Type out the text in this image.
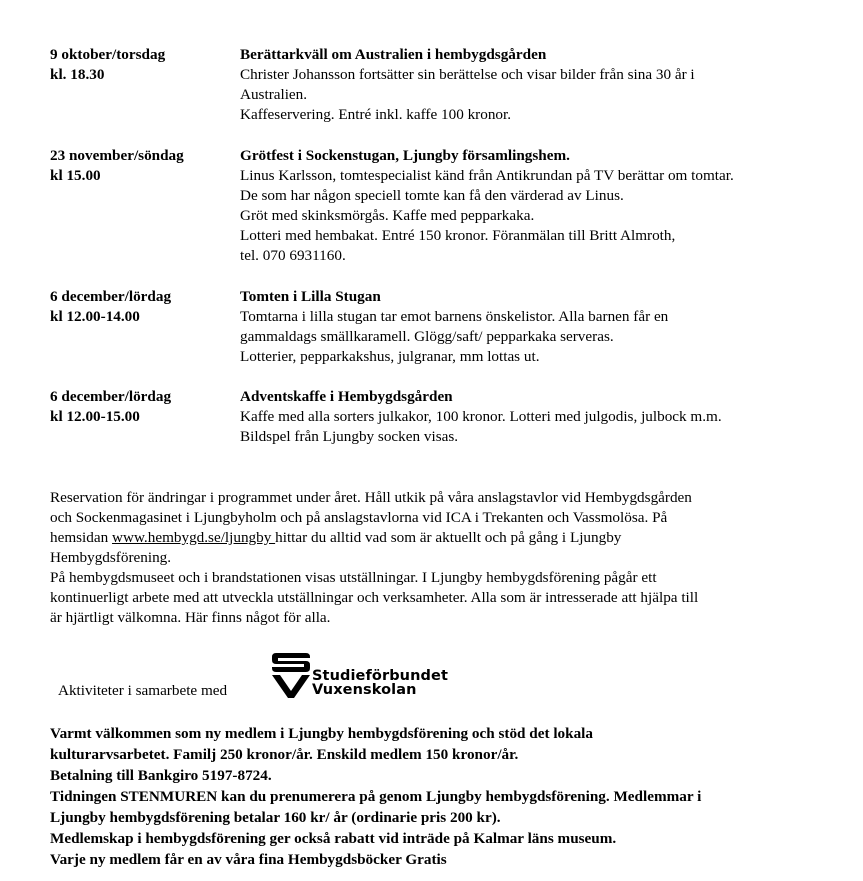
9 oktober/torsdag
kl. 18.30
Berättarkväll om Australien i hembygdsgården
Christer Johansson fortsätter sin berättelse och visar bilder från sina 30 år i
Australien.
Kaffeservering. Entré inkl. kaffe 100 kronor.
23 november/söndag
kl 15.00
Grötfest i Sockenstugan, Ljungby församlingshem.
Linus Karlsson, tomtespecialist känd från Antikrundan på TV berättar om tomtar.
De som har någon speciell tomte kan få den värderad av Linus.
Gröt med skinksmörgås. Kaffe med pepparkaka.
Lotteri med hembakat. Entré 150 kronor. Föranmälan till Britt Almroth,
tel. 070 6931160.
6 december/lördag
kl 12.00-14.00
Tomten i Lilla Stugan
Tomtarna i lilla stugan tar emot barnens önskelistor. Alla barnen får en
gammaldags smällkaramell. Glögg/saft/ pepparkaka serveras.
Lotterier, pepparkakshus, julgranar, mm lottas ut.
6 december/lördag
kl 12.00-15.00
Adventskaffe i Hembygdsgården
Kaffe med alla sorters julkakor, 100 kronor. Lotteri med julgodis, julbock m.m.
Bildspel från Ljungby socken visas.
Reservation för ändringar i programmet under året. Håll utkik på våra anslagstavlor vid Hembygdsgården
och Sockenmagasinet i Ljungbyholm och på anslagstavlorna vid ICA i Trekanten och Vassmolösa. På
hemsidan www.hembygd.se/ljungby hittar du alltid vad som är aktuellt och på gång i Ljungby
Hembygdsförening.
På hembygdsmuseet och i brandstationen visas utställningar. I Ljungby hembygdsförening pågår ett
kontinuerligt arbete med att utveckla utställningar och verksamheter. Alla som är intresserade att hjälpa till
är hjärtligt välkomna. Här finns något för alla.
Aktiviteter i samarbete med
Studieförbundet
Vuxenskolan
Varmt välkommen som ny medlem i Ljungby hembygdsförening och stöd det lokala
kulturarvsarbetet. Familj 250 kronor/år. Enskild medlem 150 kronor/år.
Betalning till Bankgiro 5197-8724.
Tidningen STENMUREN kan du prenumerera på genom Ljungby hembygdsförening. Medlemmar i
Ljungby hembygdsförening betalar 160 kr/ år (ordinarie pris 200 kr).
Medlemskap i hembygdsförening ger också rabatt vid inträde på Kalmar läns museum.
Varje ny medlem får en av våra fina Hembygdsböcker Gratis
